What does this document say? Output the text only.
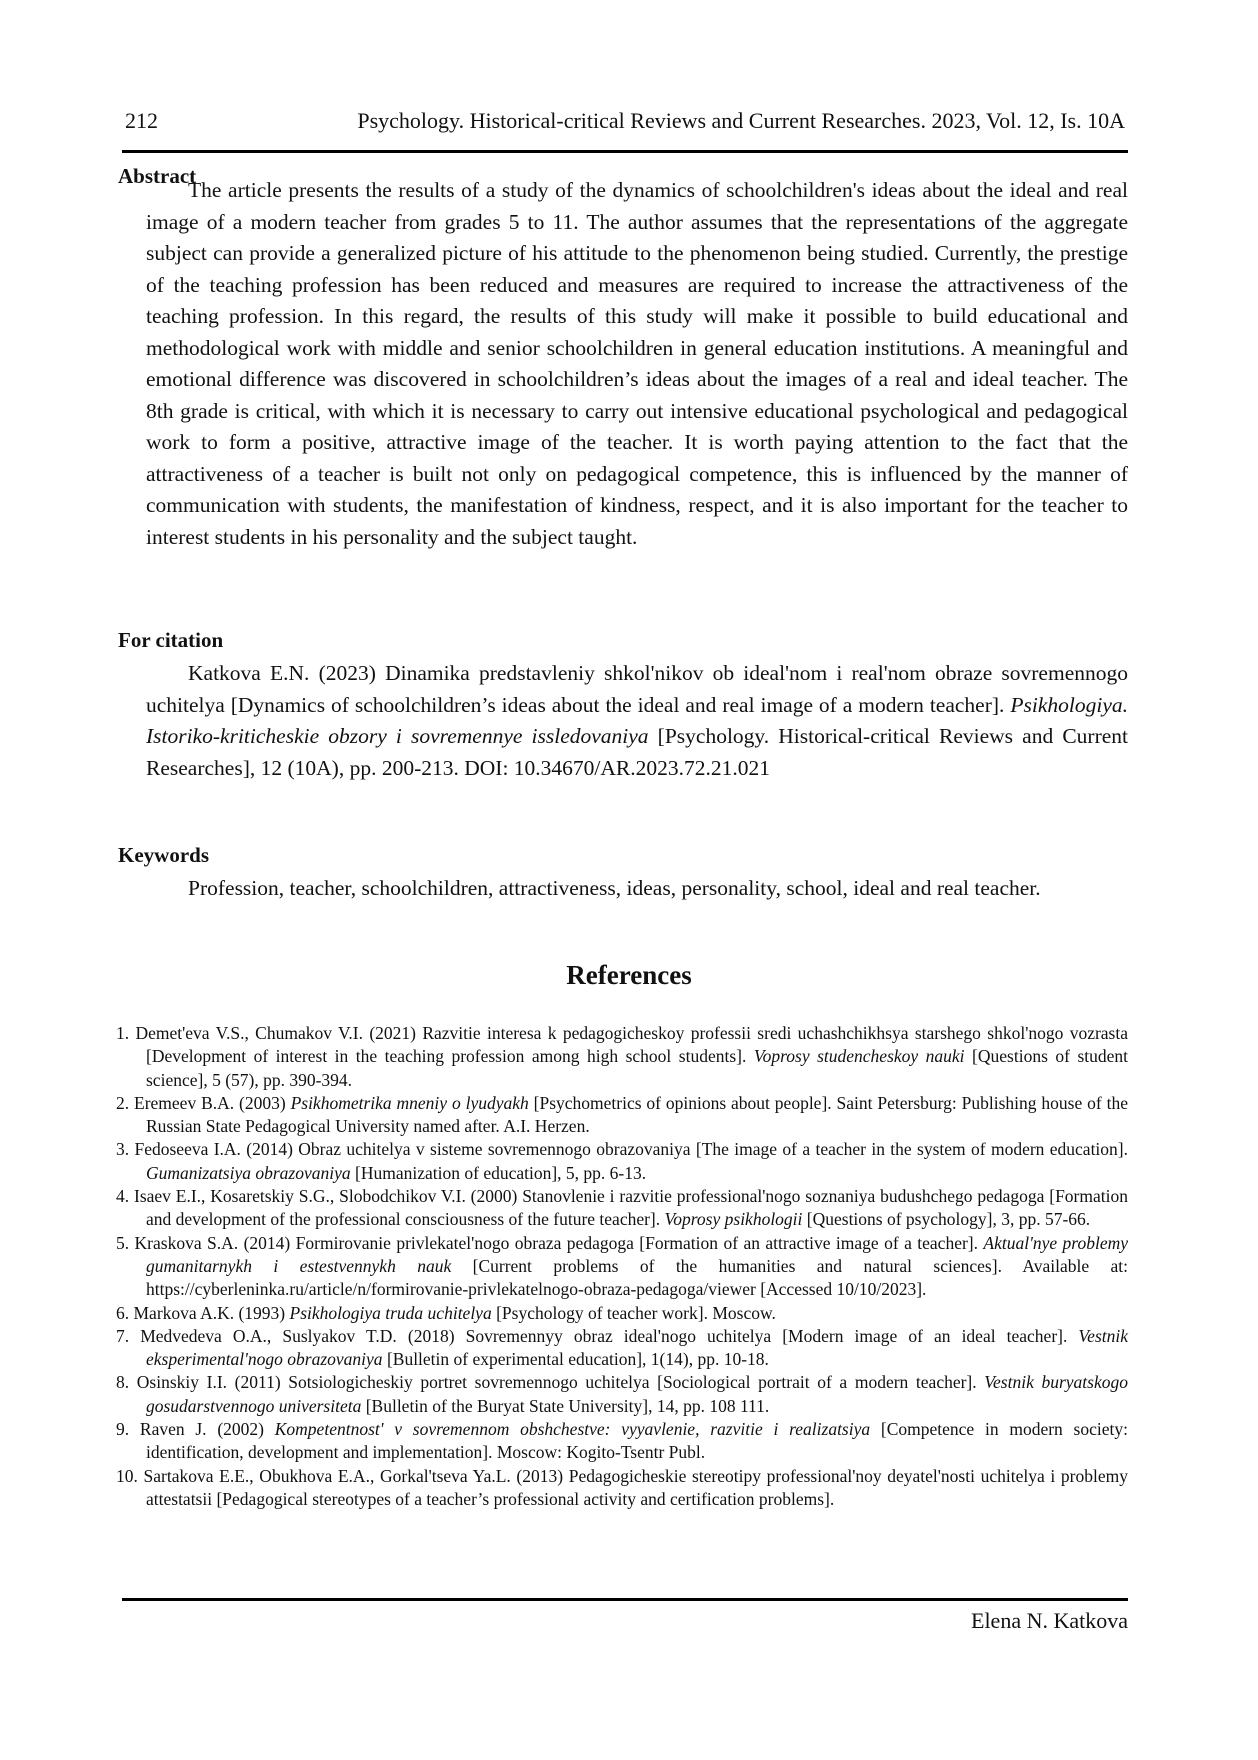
212	Psychology. Historical-critical Reviews and Current Researches. 2023, Vol. 12, Is. 10A
Abstract

The article presents the results of a study of the dynamics of schoolchildren's ideas about the ideal and real image of a modern teacher from grades 5 to 11. The author assumes that the representations of the aggregate subject can provide a generalized picture of his attitude to the phenomenon being studied. Currently, the prestige of the teaching profession has been reduced and measures are required to increase the attractiveness of the teaching profession. In this regard, the results of this study will make it possible to build educational and methodological work with middle and senior schoolchildren in general education institutions. A meaningful and emotional difference was discovered in schoolchildren’s ideas about the images of a real and ideal teacher. The 8th grade is critical, with which it is necessary to carry out intensive educational psychological and pedagogical work to form a positive, attractive image of the teacher. It is worth paying attention to the fact that the attractiveness of a teacher is built not only on pedagogical competence, this is influenced by the manner of communication with students, the manifestation of kindness, respect, and it is also important for the teacher to interest students in his personality and the subject taught.

For citation

Katkova E.N. (2023) Dinamika predstavleniy shkol'nikov ob ideal'nom i real'nom obraze sovremennogo uchitelya [Dynamics of schoolchildren’s ideas about the ideal and real image of a modern teacher]. Psikhologiya. Istoriko-kriticheskie obzory i sovremennye issledovaniya [Psychology. Historical-critical Reviews and Current Researches], 12 (10A), pp. 200-213. DOI: 10.34670/AR.2023.72.21.021

Keywords

Profession, teacher, schoolchildren, attractiveness, ideas, personality, school, ideal and real teacher.

References
1. Demet'eva V.S., Chumakov V.I. (2021) Razvitie interesa k pedagogicheskoy professii sredi uchashchikhsya starshego shkol'nogo vozrasta [Development of interest in the teaching profession among high school students]. Voprosy studencheskoy nauki [Questions of student science], 5 (57), pp. 390-394.
2. Eremeev B.A. (2003) Psikhometrika mneniy o lyudyakh [Psychometrics of opinions about people]. Saint Petersburg: Publishing house of the Russian State Pedagogical University named after. A.I. Herzen.
3. Fedoseeva I.A. (2014) Obraz uchitelya v sisteme sovremennogo obrazovaniya [The image of a teacher in the system of modern education]. Gumanizatsiya obrazovaniya [Humanization of education], 5, pp. 6-13.
4. Isaev E.I., Kosaretskiy S.G., Slobodchikov V.I. (2000) Stanovlenie i razvitie professional'nogo soznaniya budushchego pedagoga [Formation and development of the professional consciousness of the future teacher]. Voprosy psikhologii [Questions of psychology], 3, pp. 57-66.
5. Kraskova S.A. (2014) Formirovanie privlekatel'nogo obraza pedagoga [Formation of an attractive image of a teacher]. Aktual'nye problemy gumanitarnykh i estestvennykh nauk [Current problems of the humanities and natural sciences]. Available at: https://cyberleninka.ru/article/n/formirovanie-privlekatelnogo-obraza-pedagoga/viewer [Accessed 10/10/2023].
6. Markova A.K. (1993) Psikhologiya truda uchitelya [Psychology of teacher work]. Moscow.
7. Medvedeva O.A., Suslyakov T.D. (2018) Sovremennyy obraz ideal'nogo uchitelya [Modern image of an ideal teacher]. Vestnik eksperimental'nogo obrazovaniya [Bulletin of experimental education], 1(14), pp. 10-18.
8. Osinskiy I.I. (2011) Sotsiologicheskiy portret sovremennogo uchitelya [Sociological portrait of a modern teacher]. Vestnik buryatskogo gosudarstvennogo universiteta [Bulletin of the Buryat State University], 14, pp. 108 111.
9. Raven J. (2002) Kompetentnost' v sovremennom obshchestve: vyyavlenie, razvitie i realizatsiya [Competence in modern society: identification, development and implementation]. Moscow: Kogito-Tsentr Publ.
10. Sartakova E.E., Obukhova E.A., Gorkal'tseva Ya.L. (2013) Pedagogicheskie stereotipy professional'noy deyatel'nosti uchitelya i problemy attestatsii [Pedagogical stereotypes of a teacher’s professional activity and certification problems].
Elena N. Katkova
